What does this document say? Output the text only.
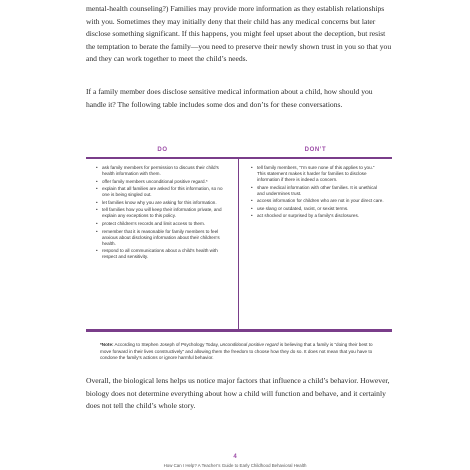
mental-health counseling?) Families may provide more information as they establish relationships with you. Sometimes they may initially deny that their child has any medical concerns but later disclose something significant. If this happens, you might feel upset about the deception, but resist the temptation to berate the family—you need to preserve their newly shown trust in you so that you and they can work together to meet the child’s needs.

If a family member does disclose sensitive medical information about a child, how should you handle it? The following table includes some dos and don’ts for these conversations.

DO	DON’T
• ask family members for permission to discuss their child’s health information with them.
• offer family members unconditional positive regard.*
• explain that all families are asked for this information, so no one is being singled out.
• let families know why you are asking for this information.
• tell families how you will keep their information private, and explain any exceptions to this policy.
• protect children’s records and limit access to them.
• remember that it is reasonable for family members to feel anxious about disclosing information about their children’s health.
• respond to all communications about a child’s health with respect and sensitivity.
• tell family members, “I’m sure none of this applies to you.” This statement makes it harder for families to disclose information if there is indeed a concern.
• share medical information with other families. It is unethical and undermines trust.
• access information for children who are not in your direct care.
• use slang or outdated, racist, or sexist terms.
• act shocked or surprised by a family’s disclosures.

*Note: According to Stephen Joseph of Psychology Today, unconditional positive regard is believing that a family is “doing their best to move forward in their lives constructively” and allowing them the freedom to choose how they do so. It does not mean that you have to condone the family’s actions or ignore harmful behavior.

Overall, the biological lens helps us notice major factors that influence a child’s behavior. However, biology does not determine everything about how a child will function and behave, and it certainly does not tell the child’s whole story.

4
How Can I Help? A Teacher’s Guide to Early Childhood Behavioral Health
